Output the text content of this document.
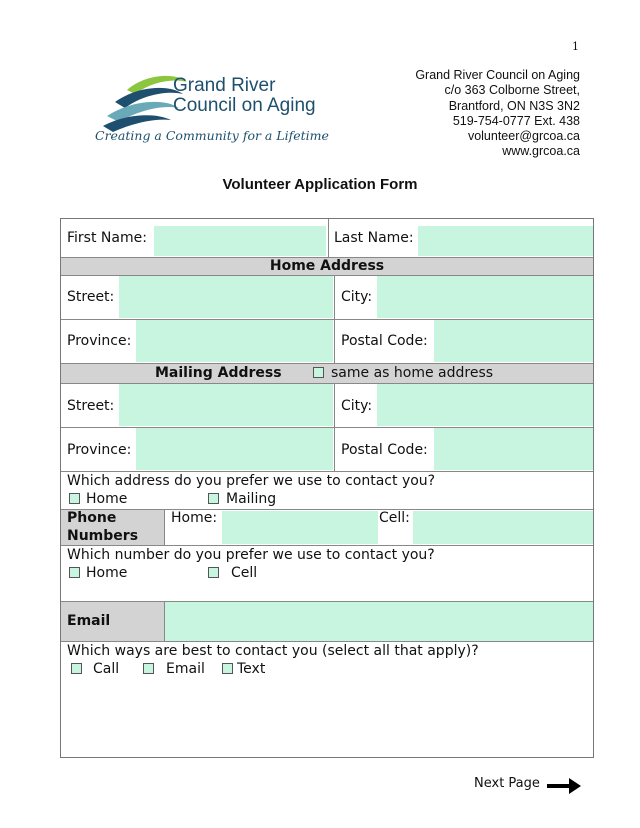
1
Grand River
Council on Aging
Creating a Community for a Lifetime
Grand River Council on Aging
c/o 363 Colborne Street,
Brantford, ON N3S 3N2
519-754-0777 Ext. 438
volunteer@grcoa.ca
www.grcoa.ca
Volunteer Application Form
First Name:	Last Name:
Home Address
Street:	City:
Province:	Postal Code:
Mailing Address	same as home address
Street:	City:
Province:	Postal Code:
Which address do you prefer we use to contact you?
Home	Mailing
Phone
Numbers
Home:	Cell:
Which number do you prefer we use to contact you?
Home	Cell
Email
Which ways are best to contact you (select all that apply)?
Call	Email Text
Next Page
